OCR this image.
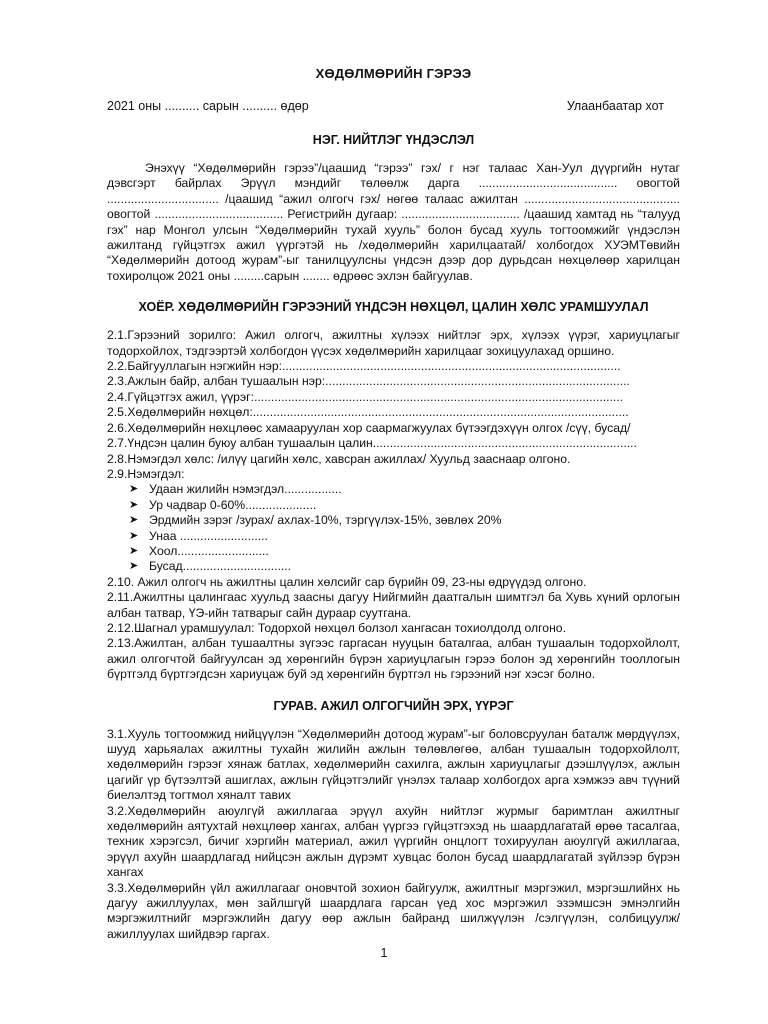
ХӨДӨЛМӨРИЙН ГЭРЭЭ
2021 оны .......... сарын .......... өдөр	Улаанбаатар хот
НЭГ. НИЙТЛЭГ ҮНДЭСЛЭЛ

Энэхүү “Хөдөлмөрийн гэрээ”/цаашид “гэрээ” гэх/ г нэг талаас Хан-Уул дүүргийн нутаг дэвсгэрт байрлах Эрүүл мэндийг төлөөлж дарга ......................................... овогтой ................................. /цаашид “ажил олгогч гэх/ нөгөө талаас ажилтан .............................................. овогтой ...................................... Регистрийн дугаар: ................................... /цаашид хамтад нь “талууд гэх” нар Монгол улсын “Хөдөлмөрийн тухай хууль” болон бусад хууль тогтоомжийг үндэслэн ажилтанд гүйцэтгэх ажил үүргэтэй нь /хөдөлмөрийн харилцаатай/ холбогдох ХУЭМТөвийн “Хөдөлмөрийн дотоод журам”-ыг танилцуулсны үндсэн дээр дор дурьдсан нөхцөлөөр харилцан тохиролцож 2021 оны .........сарын ........ өдрөөс эхлэн байгуулав.

ХОЁР. ХӨДӨЛМӨРИЙН ГЭРЭЭНИЙ ҮНДСЭН НӨХЦӨЛ, ЦАЛИН ХӨЛС УРАМШУУЛАЛ

2.1.Гэрээний зорилго: Ажил олгогч, ажилтны хүлээх нийтлэг эрх, хүлээх үүрэг, хариуцлагыг тодорхойлох, тэдгээртэй холбогдон үүсэх хөдөлмөрийн харилцааг зохицуулахад оршино.

2.2.Байгууллагын нэгжийн нэр:....................................................................................................

2.3.Ажлын байр, албан тушаалын нэр:..........................................................................................

2.4.Гүйцэтгэх ажил, үүрэг:.............................................................................................................

2.5.Хөдөлмөрийн нөхцөл:...............................................................................................................

2.6.Хөдөлмөрийн нөхцлөөс хамааруулан хор саармагжуулах бүтээгдэхүүн олгох /сүү, бусад/

2.7.Үндсэн цалин буюу албан тушаалын цалин..............................................................................

2.8.Нэмэгдэл хөлс: /илүү цагийн хөлс, хавсран ажиллах/ Хуульд зааснаар олгоно.

2.9.Нэмэгдэл:

➤ Удаан жилийн нэмэгдэл.................
➤ Ур чадвар 0-60%.....................
➤ Эрдмийн зэрэг /зурах/ ахлах-10%, тэргүүлэх-15%, зөвлөх 20%
➤ Унаа ..........................
➤ Хоол...........................
➤ Бусад................................

2.10. Ажил олгогч нь ажилтны цалин хөлсийг сар бүрийн 09, 23-ны өдрүүдэд олгоно.

2.11.Ажилтны цалингаас хуульд заасны дагуу Нийгмийн даатгалын шимтгэл ба Хувь хүний орлогын албан татвар, ҮЭ-ийн татварыг сайн дураар суутгана.

2.12.Шагнал урамшуулал: Тодорхой нөхцөл болзол хангасан тохиолдолд олгоно.

2.13.Ажилтан, албан тушаалтны зүгээс гаргасан нууцын баталгаа, албан тушаалын тодорхойлолт, ажил олгогчтой байгуулсан эд хөрөнгийн бүрэн хариуцлагын гэрээ болон эд хөрөнгийн тооллогын бүртгэлд бүртгэгдсэн хариуцаж буй эд хөрөнгийн бүртгэл нь гэрээний нэг хэсэг болно.

ГУРАВ. АЖИЛ ОЛГОГЧИЙН ЭРХ, ҮҮРЭГ

3.1.Хууль тогтоомжид нийцүүлэн “Хөдөлмөрийн дотоод журам”-ыг боловсруулан баталж мөрдүүлэх, шууд харьяалах ажилтны тухайн жилийн ажлын төлөвлөгөө, албан тушаалын тодорхойлолт, хөдөлмөрийн гэрээг хянаж батлах, хөдөлмөрийн сахилга, ажлын хариуцлагыг дээшлүүлэх, ажлын цагийг үр бүтээлтэй ашиглах, ажлын гүйцэтгэлийг үнэлэх талаар холбогдох арга хэмжээ авч түүний биелэлтэд тогтмол хяналт тавих

3.2.Хөдөлмөрийн аюулгүй ажиллагаа эрүүл ахуйн нийтлэг журмыг баримтлан ажилтныг хөдөлмөрийн аятухтай нөхцлөөр хангах, албан үүргээ гүйцэтгэхэд нь шаардлагатай өрөө тасалгаа, техник хэрэгсэл, бичиг хэргийн материал, ажил үүргийн онцлогт тохируулан аюулгүй ажиллагаа, эрүүл ахуйн шаардлагад нийцсэн ажлын дүрэмт хувцас болон бусад шаардлагатай зүйлээр бүрэн хангах

3.3.Хөдөлмөрийн үйл ажиллагааг оновчтой зохион байгуулж, ажилтныг мэргэжил, мэргэшлийнх нь дагуу ажиллуулах, мөн зайлшгүй шаардлага гарсан үед хос мэргэжил эзэмшсэн эмнэлгийн мэргэжилтнийг мэргэжлийн дагуу өөр ажлын байранд шилжүүлэн /сэлгүүлэн, солбицуулж/ ажиллуулах шийдвэр гаргах.

1
